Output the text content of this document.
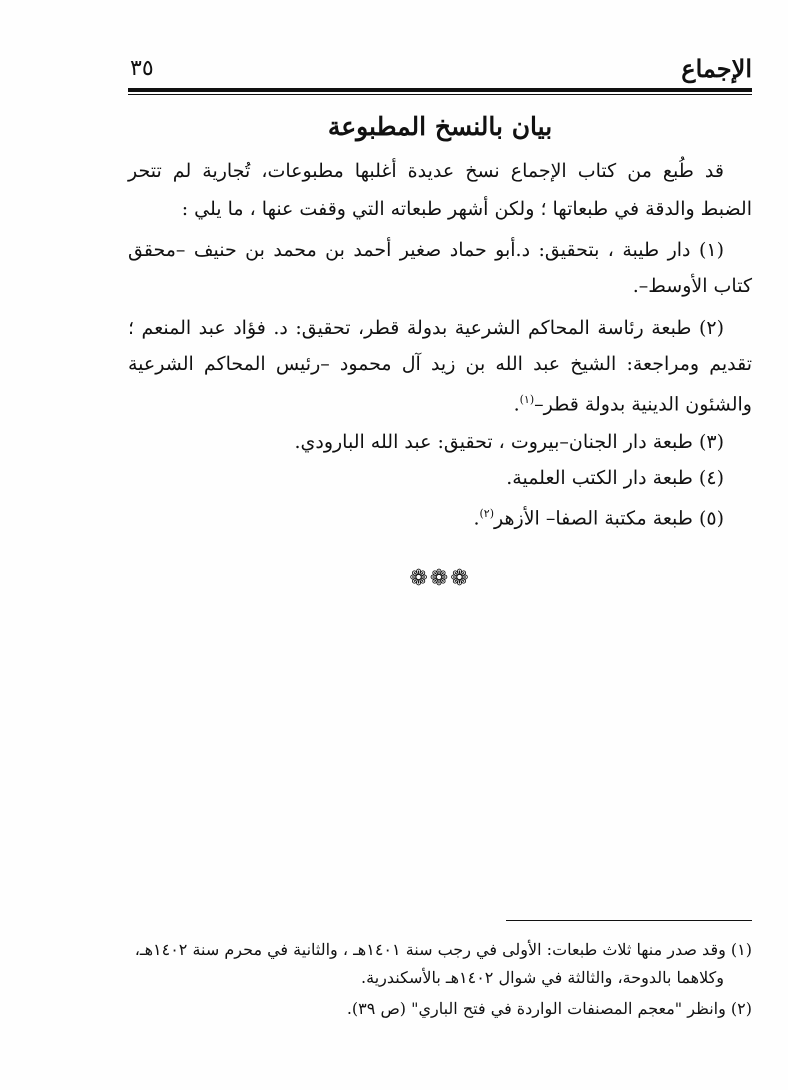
الإجماع
٣٥
بيان بالنسخ المطبوعة

قد طُبع من كتاب الإجماع نسخ عديدة أغلبها مطبوعات، تُجارية لم تتحر الضبط والدقة في طبعاتها ؛ ولكن أشهر طبعاته التي وقفت عنها ، ما يلي :

(١) دار طيبة ، بتحقيق: د.أبو حماد صغير أحمد بن محمد بن حنيف –محقق كتاب الأوسط–.

(٢) طبعة رئاسة المحاكم الشرعية بدولة قطر، تحقيق: د. فؤاد عبد المنعم ؛ تقديم ومراجعة: الشيخ عبد الله بن زيد آل محمود –رئيس المحاكم الشرعية والشئون الدينية بدولة قطر–$^{(١)}$.

(٣) طبعة دار الجنان–بيروت ، تحقيق: عبد الله البارودي.

(٤) طبعة دار الكتب العلمية.

(٥) طبعة مكتبة الصفا– الأزهر$^{(٢)}$.

❁❁❁

(١) وقد صدر منها ثلاث طبعات: الأولى في رجب سنة ١٤٠١هـ ، والثانية في محرم سنة ١٤٠٢هـ،

وكلاهما بالدوحة، والثالثة في شوال ١٤٠٢هـ بالأسكندرية.

(٢) وانظر "معجم المصنفات الواردة في فتح الباري" (ص ٣٩).
